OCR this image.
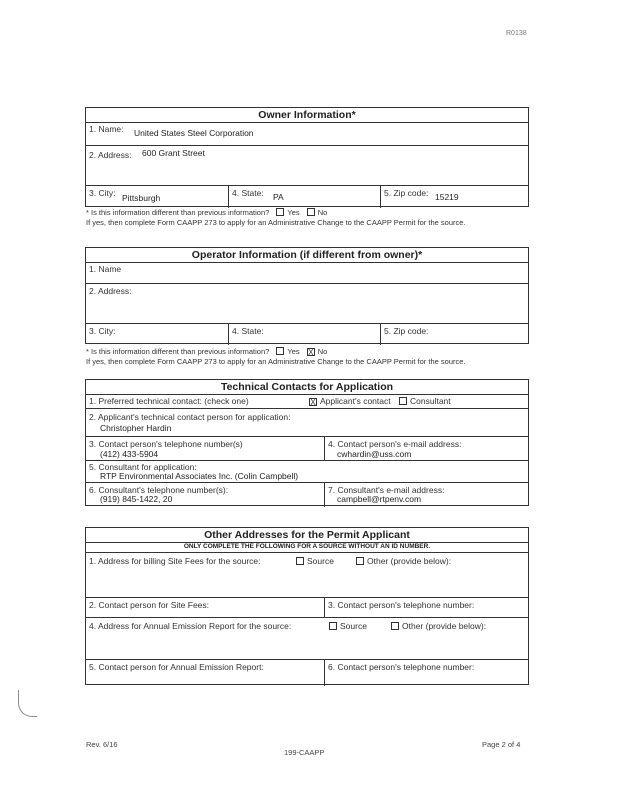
R0138
Owner Information*
1. Name: United States Steel Corporation
2. Address: 600 Grant Street
3. City: Pittsburgh	4. State: PA	5. Zip code: 15219
* Is this information different than previous information? Yes No
If yes, then complete Form CAAPP 273 to apply for an Administrative Change to the CAAPP Permit for the source.
Operator Information (if different from owner)*
1. Name
2. Address:
3. City:	4. State:	5. Zip code:
* Is this information different than previous information? Yes X No
If yes, then complete Form CAAPP 273 to apply for an Administrative Change to the CAAPP Permit for the source.
Technical Contacts for Application
1. Preferred technical contact: (check one)	X Applicant's contact	Consultant
2. Applicant's technical contact person for application:
Christopher Hardin
3. Contact person's telephone number(s)
(412) 433-5904
4. Contact person's e-mail address:
cwhardin@uss.com
5. Consultant for application:
RTP Environmental Associates Inc. (Colin Campbell)
6. Consultant's telephone number(s):
(919) 845-1422, 20
7. Consultant's e-mail address:
campbell@rtpenv.com
Other Addresses for the Permit Applicant
ONLY COMPLETE THE FOLLOWING FOR A SOURCE WITHOUT AN ID NUMBER.
1. Address for billing Site Fees for the source:	Source	Other (provide below):
2. Contact person for Site Fees:	3. Contact person's telephone number:
4. Address for Annual Emission Report for the source:	Source	Other (provide below):
5. Contact person for Annual Emission Report:	6. Contact person's telephone number:
Rev. 6/16	Page 2 of 4
199-CAAPP
